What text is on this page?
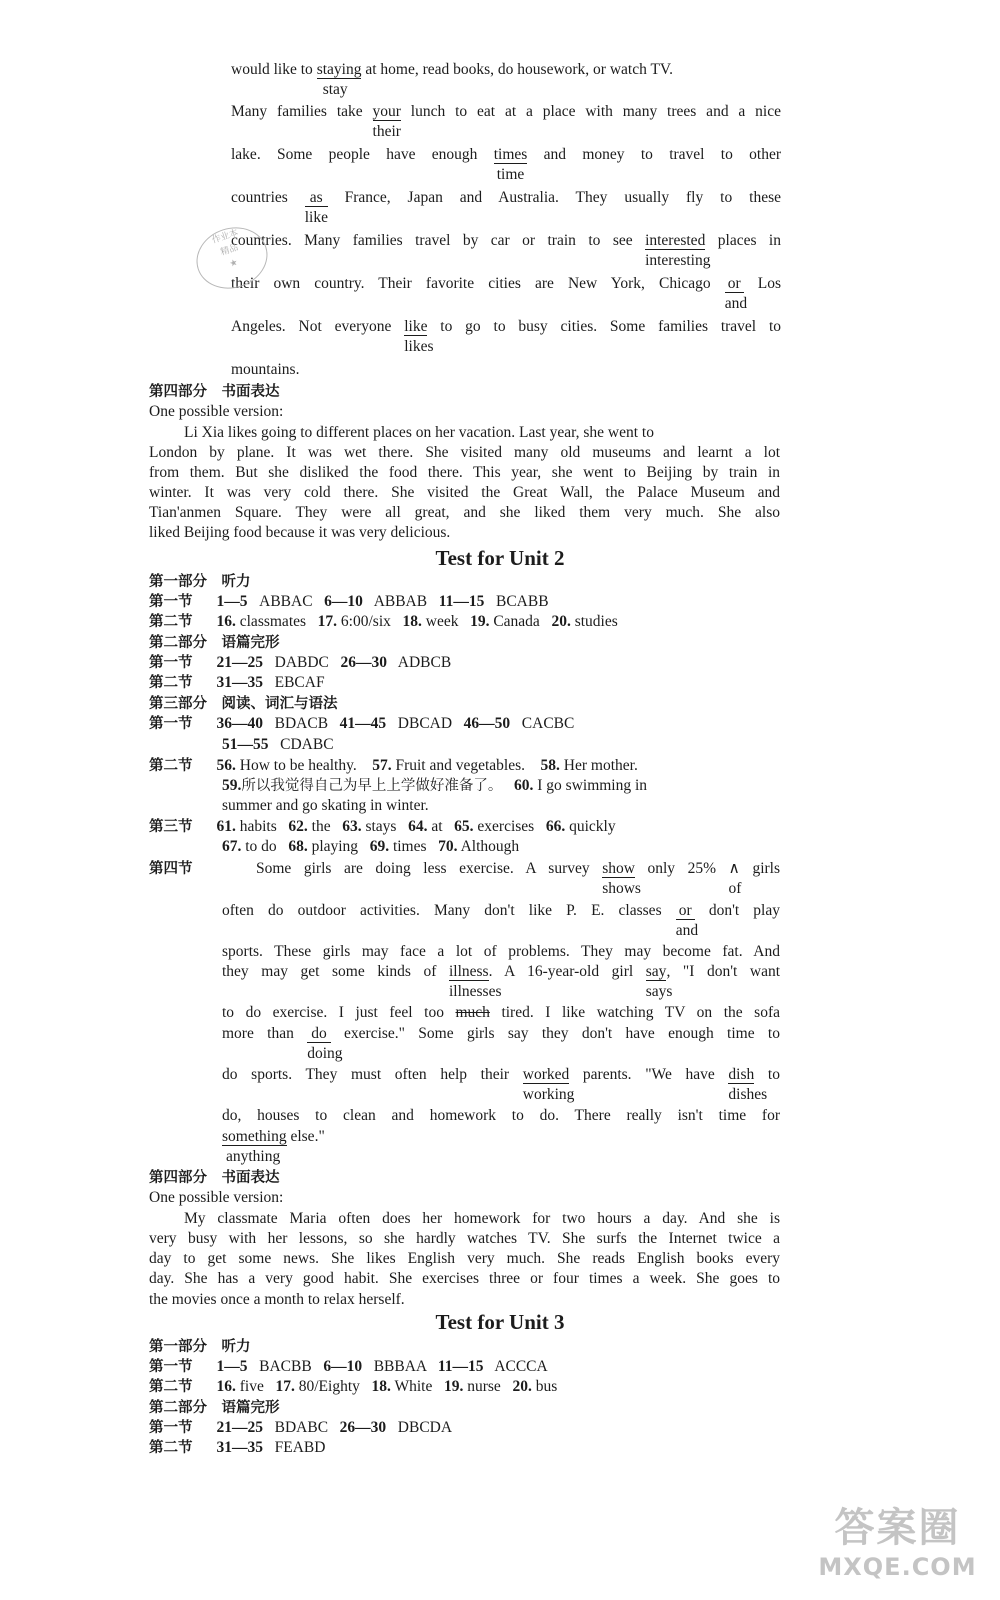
would like to staying
stay
at home, read books, do housework, or watch TV.
Many families take your
their
lunch to eat at a place with many trees and a nice
lake. Some people have enough times
time
and money to travel to other
countries as
like
France, Japan and Australia. They usually fly to these
countries. Many families travel by car or train to see interested
interesting
places in
their own country. Their favorite cities are New York, Chicago or
and
Los
Angeles. Not everyone like
likes
to go to busy cities. Some families travel to
mountains.
作业本
精品
★
第四部分　书面表达
One possible version:
Li Xia likes going to different places on her vacation. Last year, she went to
London by plane. It was wet there. She visited many old museums and learnt a lot
from them. But she disliked the food there. This year, she went to Beijing by train in
winter. It was very cold there. She visited the Great Wall, the Palace Museum and
Tian'anmen Square. They were all great, and she liked them very much. She also
liked Beijing food because it was very delicious.
Test for Unit 2
第一部分　听力
第一节 1—5 ABBAC 6—10 ABBAB 11—15 BCABB
第二节 16. classmates 17. 6:00/six 18. week 19. Canada 20. studies
第二部分　语篇完形
第一节 21—25 DABDC 26—30 ADBCB
第二节 31—35 EBCAF
第三部分　阅读、词汇与语法
第一节 36—40 BDACB 41—45 DBCAD 46—50 CACBC
51—55 CDABC
第二节 56. How to be healthy. 57. Fruit and vegetables. 58. Her mother.
59.所以我觉得自己为早上上学做好准备了。 60. I go swimming in
summer and go skating in winter.
第三节 61. habits 62. the 63. stays 64. at 65. exercises 66. quickly
67. to do 68. playing 69. times 70. Although
第四节	Some girls are doing less exercise. A survey show
shows
only 25% ∧
of
girls
often do outdoor activities. Many don't like P. E. classes or
and
don't play
sports. These girls may face a lot of problems. They may become fat. And
they may get some kinds of illness
illnesses
. A 16-year-old girl say
says
, "I don't want
to do exercise. I just feel too much tired. I like watching TV on the sofa
more than do
doing
exercise." Some girls say they don't have enough time to
do sports. They must often help their worked
working
parents. "We have dish
dishes
to
do, houses to clean and homework to do. There really isn't time for
something
anything
else."
第四部分　书面表达
One possible version:
My classmate Maria often does her homework for two hours a day. And she is
very busy with her lessons, so she hardly watches TV. She surfs the Internet twice a
day to get some news. She likes English very much. She reads English books every
day. She has a very good habit. She exercises three or four times a week. She goes to
the movies once a month to relax herself.
Test for Unit 3
第一部分　听力
第一节 1—5 BACBB 6—10 BBBAA 11—15 ACCCA
第二节 16. five 17. 80/Eighty 18. White 19. nurse 20. bus
第二部分　语篇完形
第一节 21—25 BDABC 26—30 DBCDA
第二节 31—35 FEABD
答案圈
MXQE.COM
